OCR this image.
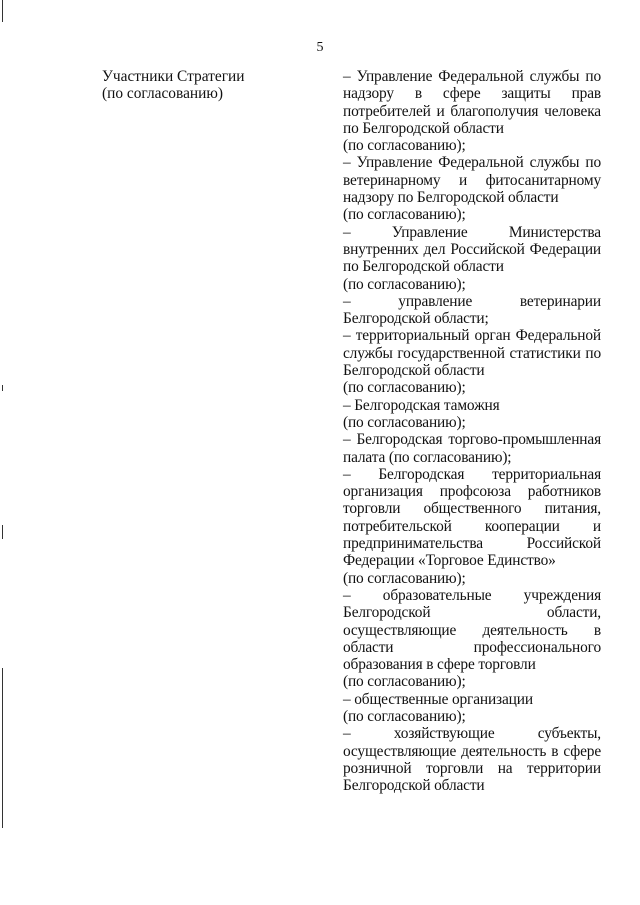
5
Участники Стратегии
(по согласованию)
– Управление Федеральной службы по надзору в сфере защиты прав потребителей и благополучия человека по Белгородской области
(по согласованию);
– Управление Федеральной службы по ветеринарному и фитосанитарному надзору по Белгородской области
(по согласованию);
– Управление Министерства внутренних дел Российской Федерации по Белгородской области
(по согласованию);
– управление ветеринарии Белгородской области;
– территориальный орган Федеральной службы государственной статистики по Белгородской области
(по согласованию);
– Белгородская таможня
(по согласованию);
– Белгородская торгово-промышленная палата (по согласованию);
– Белгородская территориальная организация профсоюза работников торговли общественного питания, потребительской кооперации и предпринимательства Российской Федерации «Торговое Единство»
(по согласованию);
– образовательные учреждения Белгородской области, осуществляющие деятельность в области профессионального образования в сфере торговли
(по согласованию);
– общественные организации
(по согласованию);
– хозяйствующие субъекты, осуществляющие деятельность в сфере розничной торговли на территории Белгородской области
